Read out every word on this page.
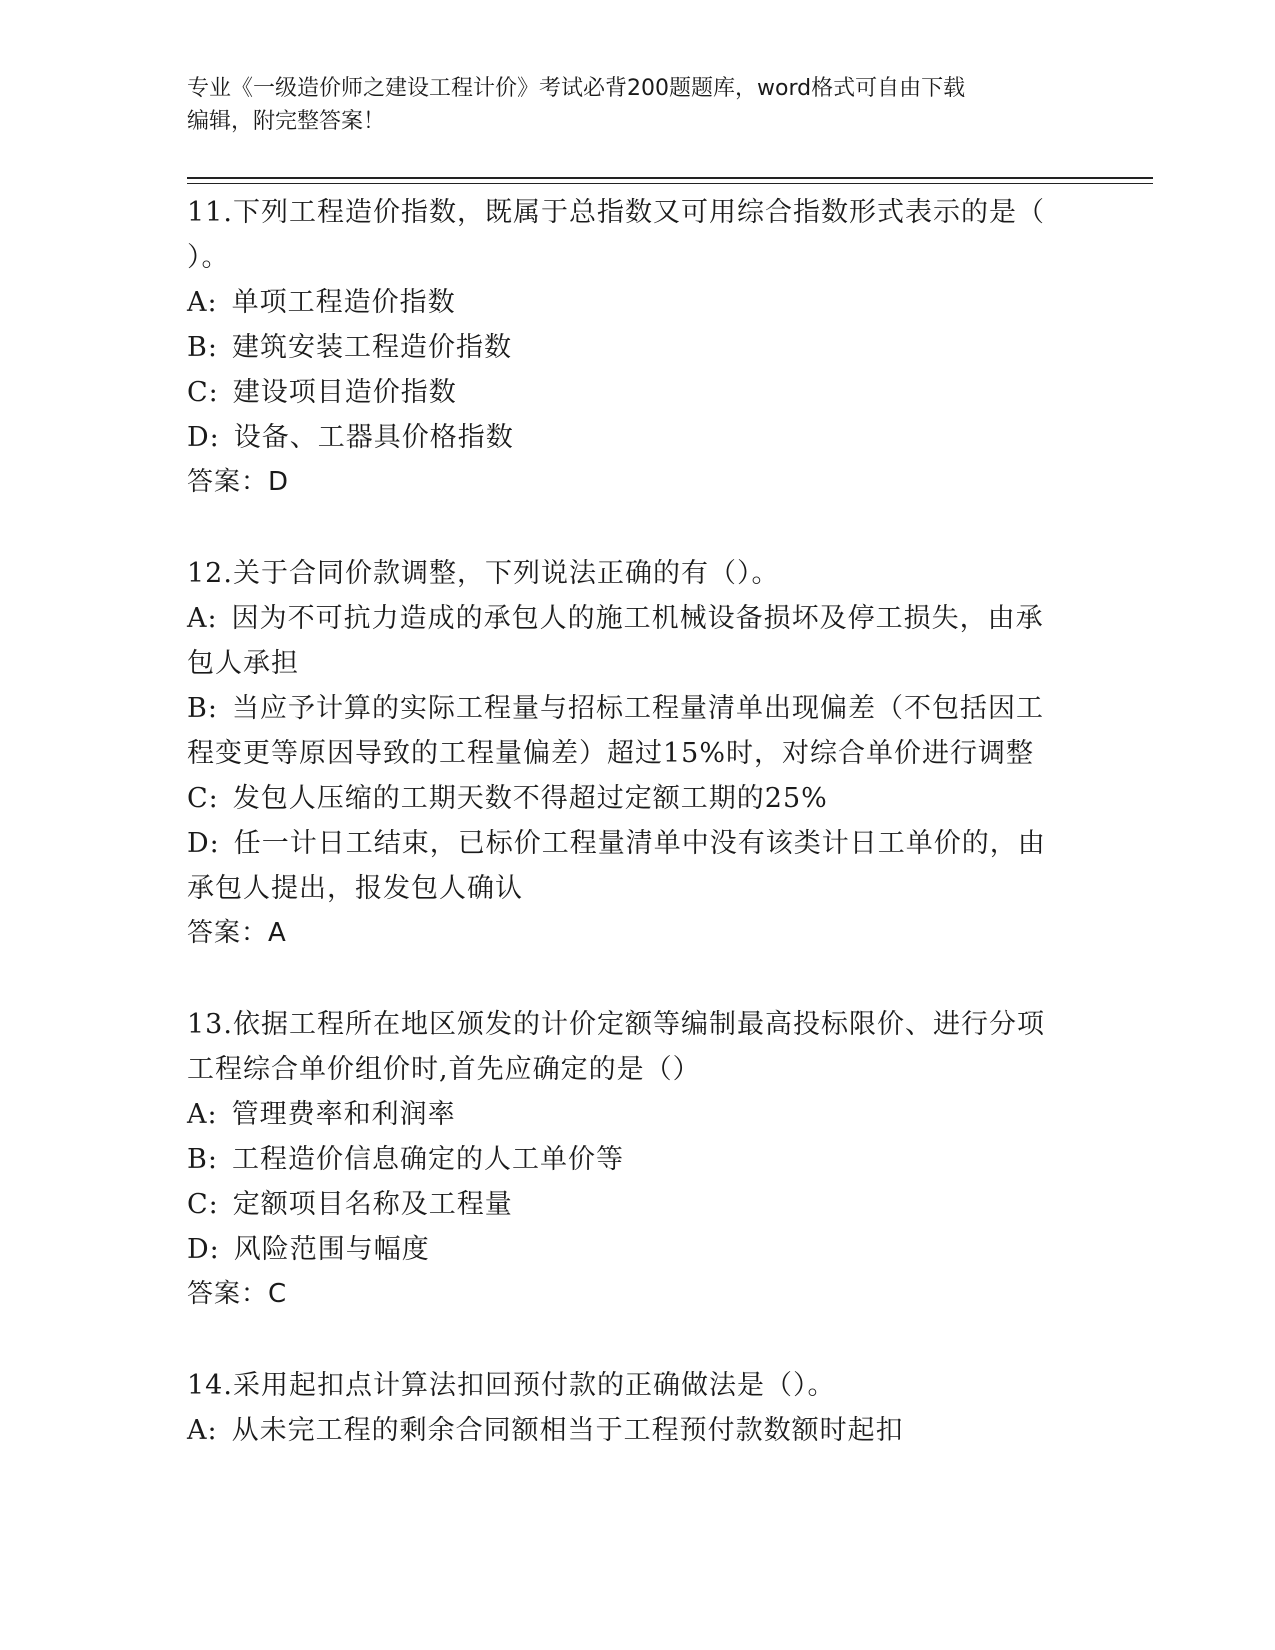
专业《一级造价师之建设工程计价》考试必背200题题库，word格式可自由下载
编辑，附完整答案！

11.下列工程造价指数，既属于总指数又可用综合指数形式表示的是（

）。

A: 单项工程造价指数

B: 建筑安装工程造价指数

C: 建设项目造价指数

D: 设备、工器具价格指数

答案：D

12.关于合同价款调整，下列说法正确的有（）。

A: 因为不可抗力造成的承包人的施工机械设备损坏及停工损失，由承

包人承担

B: 当应予计算的实际工程量与招标工程量清单出现偏差（不包括因工

程变更等原因导致的工程量偏差）超过15%时，对综合单价进行调整

C: 发包人压缩的工期天数不得超过定额工期的25%

D: 任一计日工结束，已标价工程量清单中没有该类计日工单价的，由

承包人提出，报发包人确认

答案：A

13.依据工程所在地区颁发的计价定额等编制最高投标限价、进行分项

工程综合单价组价时,首先应确定的是（）

A: 管理费率和利润率

B: 工程造价信息确定的人工单价等

C: 定额项目名称及工程量

D: 风险范围与幅度

答案：C

14.采用起扣点计算法扣回预付款的正确做法是（）。

A: 从未完工程的剩余合同额相当于工程预付款数额时起扣
